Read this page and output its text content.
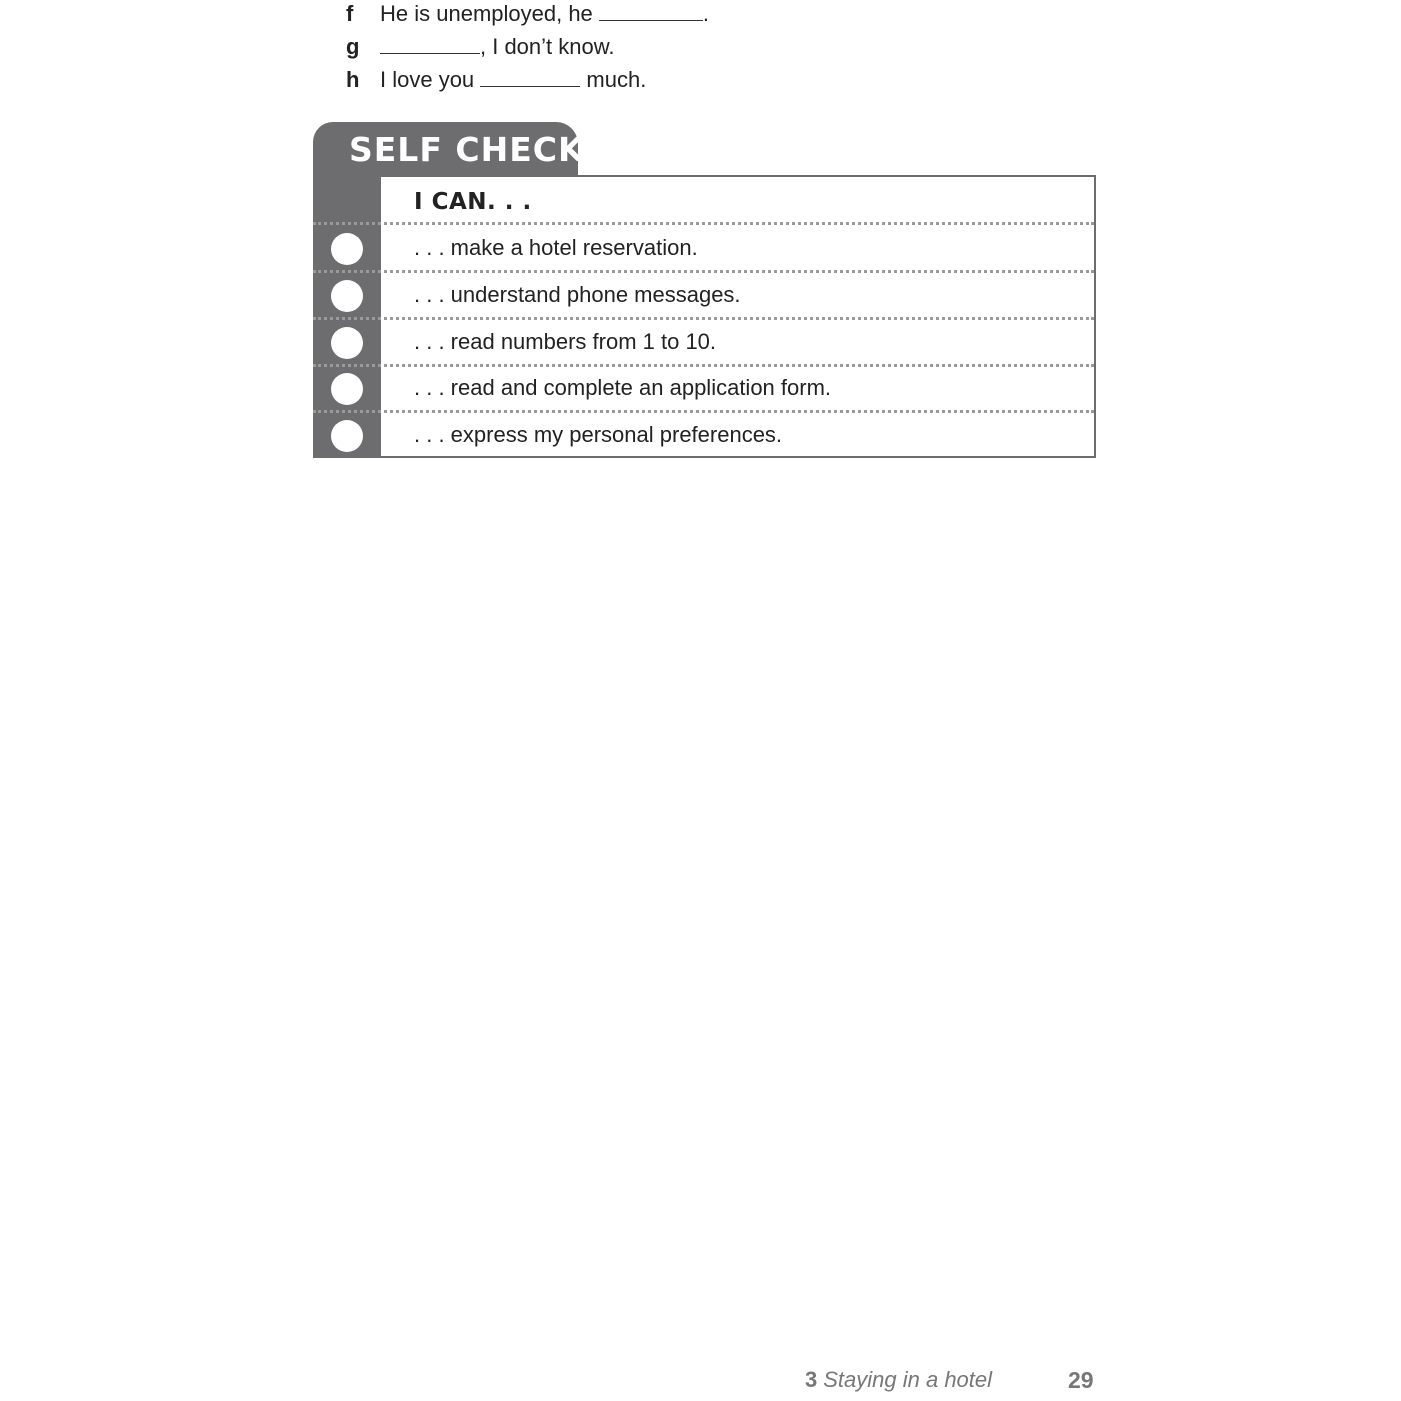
f He is unemployed, he	.
g	, I don’t know.
h I love you	much.
SELF CHECK
I CAN. . .
. . . make a hotel reservation.
. . . understand phone messages.
. . . read numbers from 1 to 10.
. . . read and complete an application form.
. . . express my personal preferences.
3 Staying in a hotel	29
